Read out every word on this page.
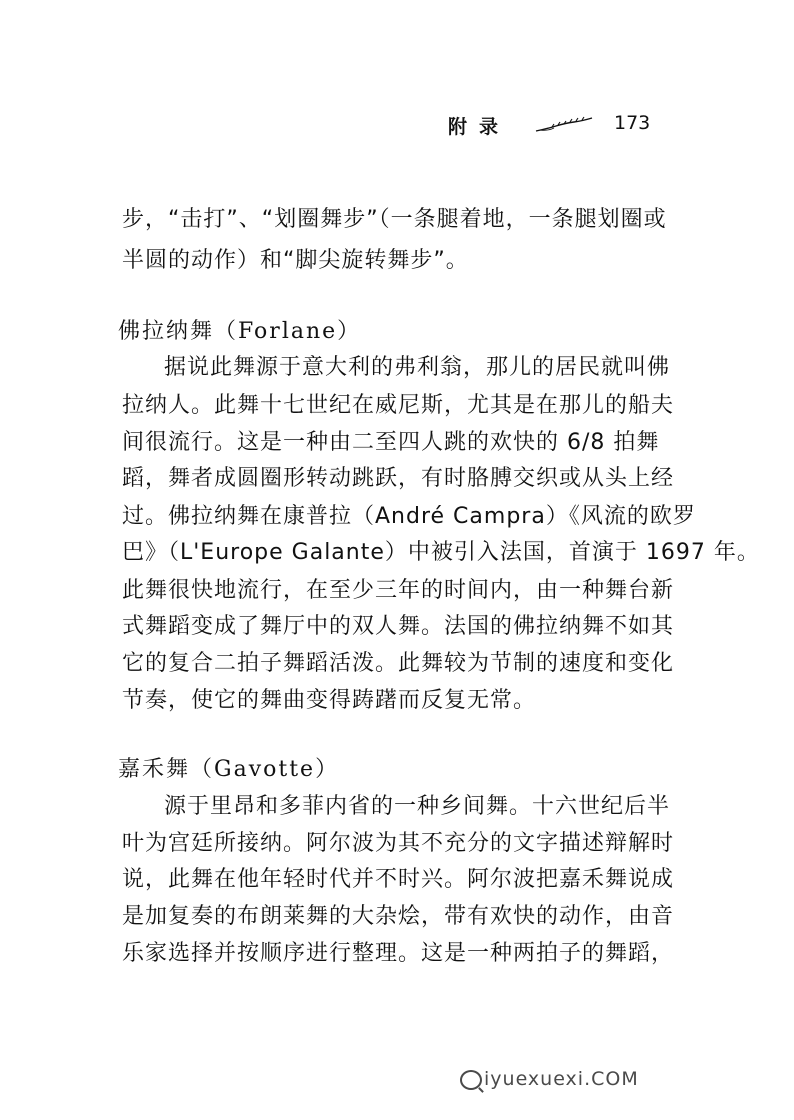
附录	173
步，“击打”、“划圈舞步”（一条腿着地，一条腿划圈或
半圆的动作）和“脚尖旋转舞步”。
佛拉纳舞（Forlane）
据说此舞源于意大利的弗利翁，那儿的居民就叫佛
拉纳人。此舞十七世纪在威尼斯，尤其是在那儿的船夫
间很流行。这是一种由二至四人跳的欢快的 6/8 拍舞
蹈，舞者成圆圈形转动跳跃，有时胳膊交织或从头上经
过。佛拉纳舞在康普拉（André Campra）《风流的欧罗
巴》（L'Europe Galante）中被引入法国，首演于 1697 年。
此舞很快地流行，在至少三年的时间内，由一种舞台新
式舞蹈变成了舞厅中的双人舞。法国的佛拉纳舞不如其
它的复合二拍子舞蹈活泼。此舞较为节制的速度和变化
节奏，使它的舞曲变得踌躇而反复无常。
嘉禾舞（Gavotte）
源于里昂和多菲内省的一种乡间舞。十六世纪后半
叶为宫廷所接纳。阿尔波为其不充分的文字描述辩解时
说，此舞在他年轻时代并不时兴。阿尔波把嘉禾舞说成
是加复奏的布朗莱舞的大杂烩，带有欢快的动作，由音
乐家选择并按顺序进行整理。这是一种两拍子的舞蹈，
iyuexuexi.COM
